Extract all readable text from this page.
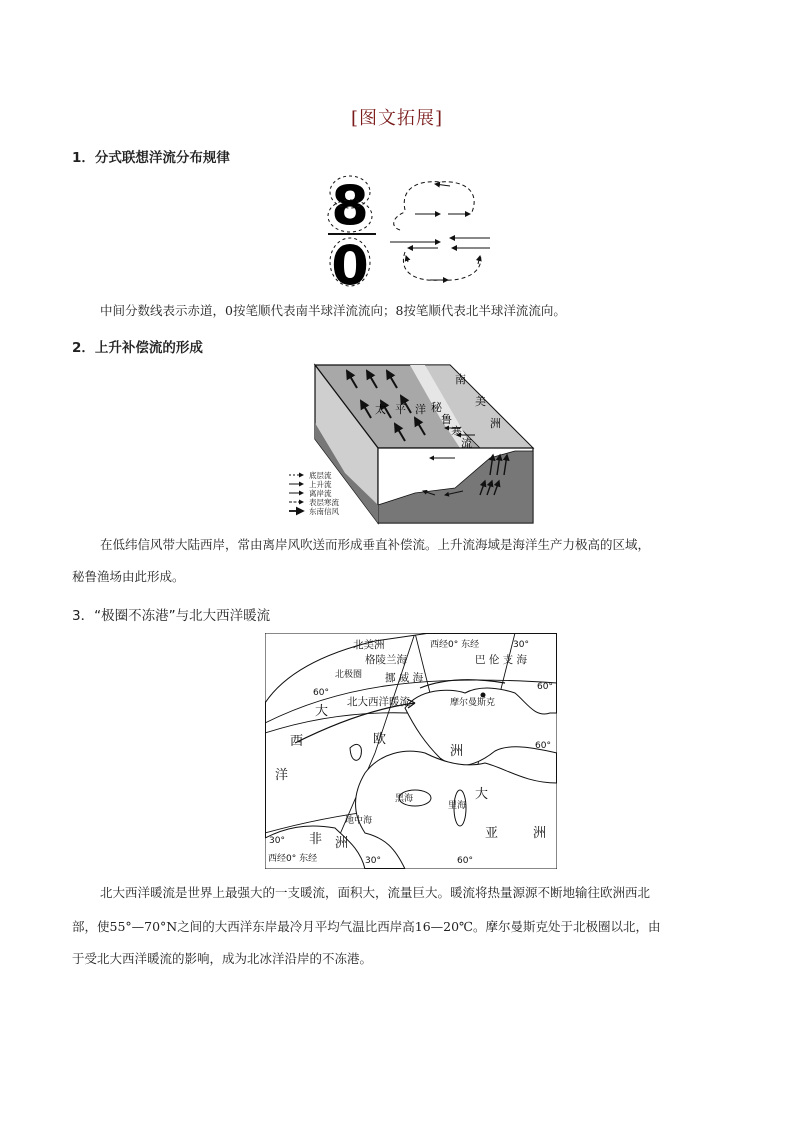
[图文拓展]
1．分式联想洋流分布规律
8
0
中间分数线表示赤道，0按笔顺代表南半球洋流流向；8按笔顺代表北半球洋流流向。
2．上升补偿流的形成
南
美
洲
太 平 洋 秘
鲁
寒
流
底层流
上升流
离岸流
表层寒流
东南信风
在低纬信风带大陆西岸，常由离岸风吹送而形成垂直补偿流。上升流海域是海洋生产力极高的区域，
秘鲁渔场由此形成。
3．“极圈不冻港”与北大西洋暖流
北美洲
格陵兰海
西经0° 东经	30°
北极圈 挪 威 海
巴 伦 支 海
60°
60°
北大西洋暖流	摩尔曼斯克
大
西
洋
欧
洲	60°
黑海
里海
地中海
大
亚	洲
非 洲
30°
西经0° 东经	30°	60°
北大西洋暖流是世界上最强大的一支暖流，面积大，流量巨大。暖流将热量源源不断地输往欧洲西北
部，使55°—70°N之间的大西洋东岸最冷月平均气温比西岸高16—20℃。摩尔曼斯克处于北极圈以北，由
于受北大西洋暖流的影响，成为北冰洋沿岸的不冻港。
